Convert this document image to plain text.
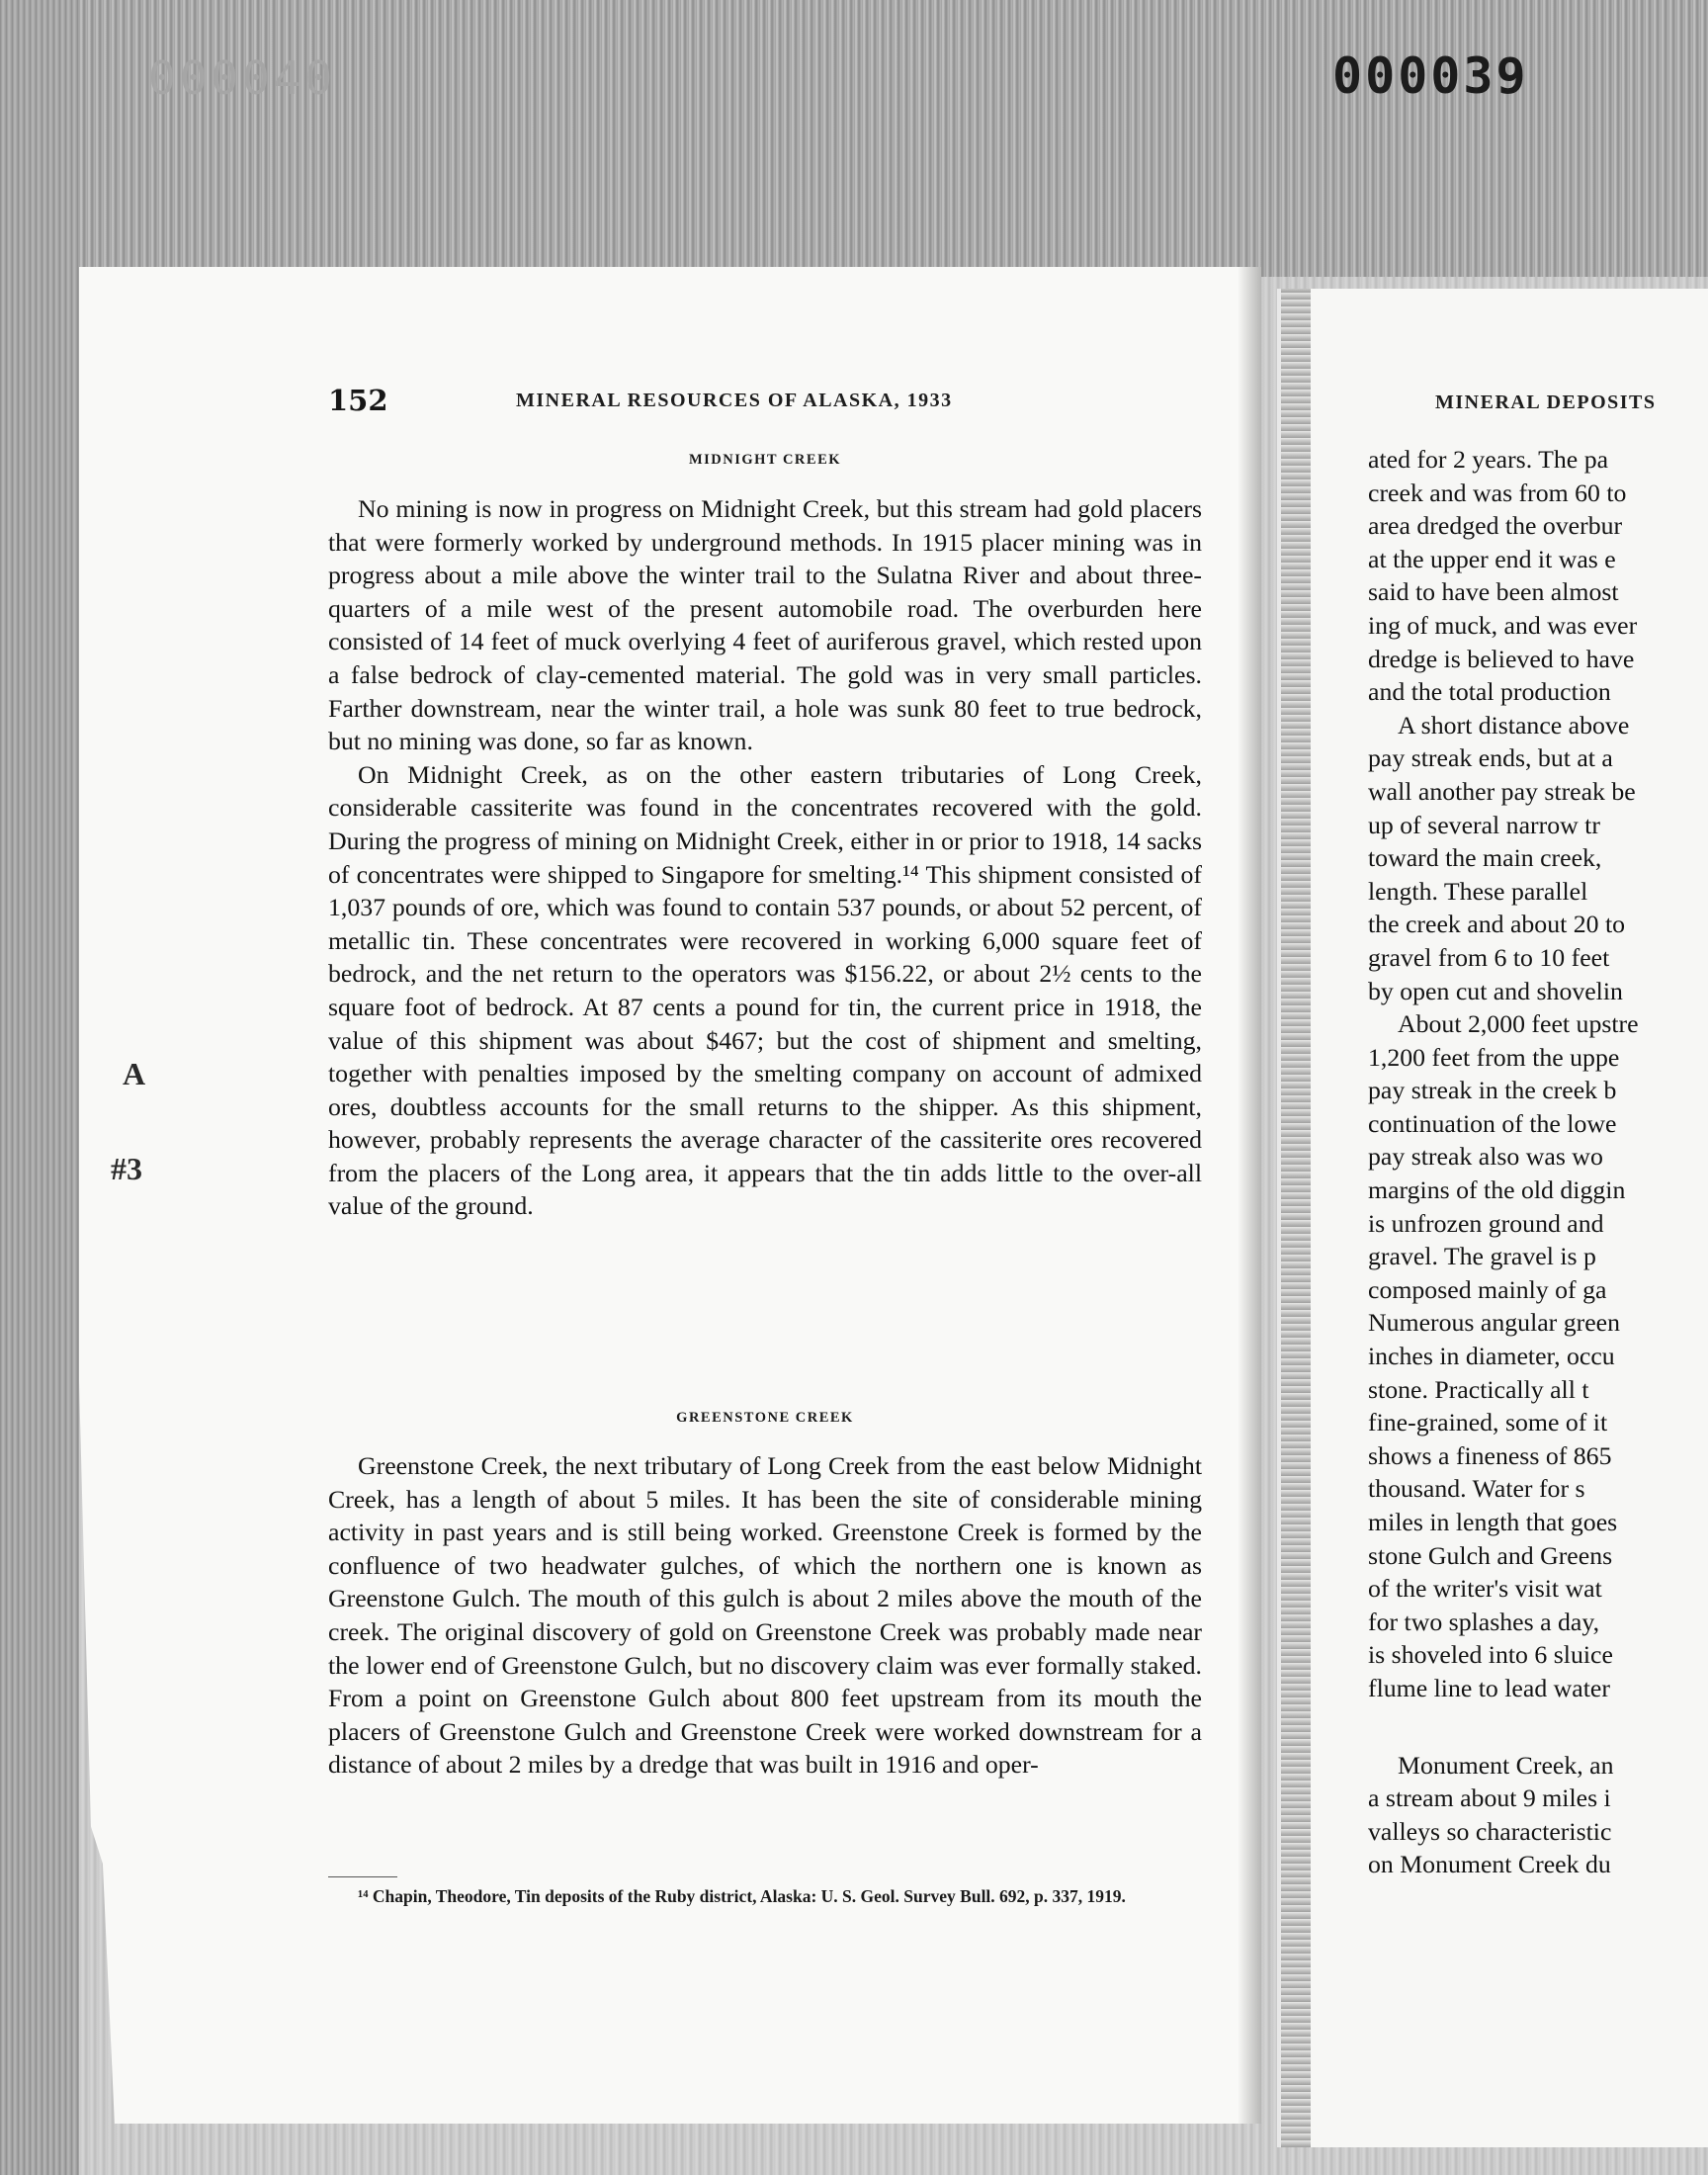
000040	000039
A
#3
152	MINERAL RESOURCES OF ALASKA, 1933
MIDNIGHT CREEK

No mining is now in progress on Midnight Creek, but this stream had gold placers that were formerly worked by underground methods. In 1915 placer mining was in progress about a mile above the winter trail to the Sulatna River and about three-quarters of a mile west of the present automobile road. The overburden here consisted of 14 feet of muck overlying 4 feet of auriferous gravel, which rested upon a false bedrock of clay-cemented material. The gold was in very small particles. Farther downstream, near the winter trail, a hole was sunk 80 feet to true bedrock, but no mining was done, so far as known.

On Midnight Creek, as on the other eastern tributaries of Long Creek, considerable cassiterite was found in the concentrates recovered with the gold. During the progress of mining on Midnight Creek, either in or prior to 1918, 14 sacks of concentrates were shipped to Singapore for smelting.¹⁴ This shipment consisted of 1,037 pounds of ore, which was found to contain 537 pounds, or about 52 percent, of metallic tin. These concentrates were recovered in working 6,000 square feet of bedrock, and the net return to the operators was $156.22, or about 2½ cents to the square foot of bedrock. At 87 cents a pound for tin, the current price in 1918, the value of this shipment was about $467; but the cost of shipment and smelting, together with penalties imposed by the smelting company on account of admixed ores, doubtless accounts for the small returns to the shipper. As this shipment, however, probably represents the average character of the cassiterite ores recovered from the placers of the Long area, it appears that the tin adds little to the over-all value of the ground.

GREENSTONE CREEK

Greenstone Creek, the next tributary of Long Creek from the east below Midnight Creek, has a length of about 5 miles. It has been the site of considerable mining activity in past years and is still being worked. Greenstone Creek is formed by the confluence of two headwater gulches, of which the northern one is known as Greenstone Gulch. The mouth of this gulch is about 2 miles above the mouth of the creek. The original discovery of gold on Greenstone Creek was probably made near the lower end of Greenstone Gulch, but no discovery claim was ever formally staked. From a point on Greenstone Gulch about 800 feet upstream from its mouth the placers of Greenstone Gulch and Greenstone Creek were worked downstream for a distance of about 2 miles by a dredge that was built in 1916 and oper-

¹⁴ Chapin, Theodore, Tin deposits of the Ruby district, Alaska: U. S. Geol. Survey Bull. 692, p. 337, 1919.
MINERAL DEPOSITS
ated for 2 years. The pa
creek and was from 60 to
area dredged the overbur
at the upper end it was e
said to have been almost
ing of muck, and was ever
dredge is believed to have
and the total production
A short distance above
pay streak ends, but at a
wall another pay streak be
up of several narrow tr
toward the main creek,
length. These parallel
the creek and about 20 to
gravel from 6 to 10 feet
by open cut and shovelin
About 2,000 feet upstre
1,200 feet from the uppe
pay streak in the creek b
continuation of the lowe
pay streak also was wo
margins of the old diggin
is unfrozen ground and
gravel. The gravel is p
composed mainly of ga
Numerous angular green
inches in diameter, occu
stone. Practically all t
fine-grained, some of it
shows a fineness of 865
thousand. Water for s
miles in length that goes
stone Gulch and Greens
of the writer's visit wat
for two splashes a day,
is shoveled into 6 sluice
flume line to lead water
Monument Creek, an
a stream about 9 miles i
valleys so characteristic
on Monument Creek du
